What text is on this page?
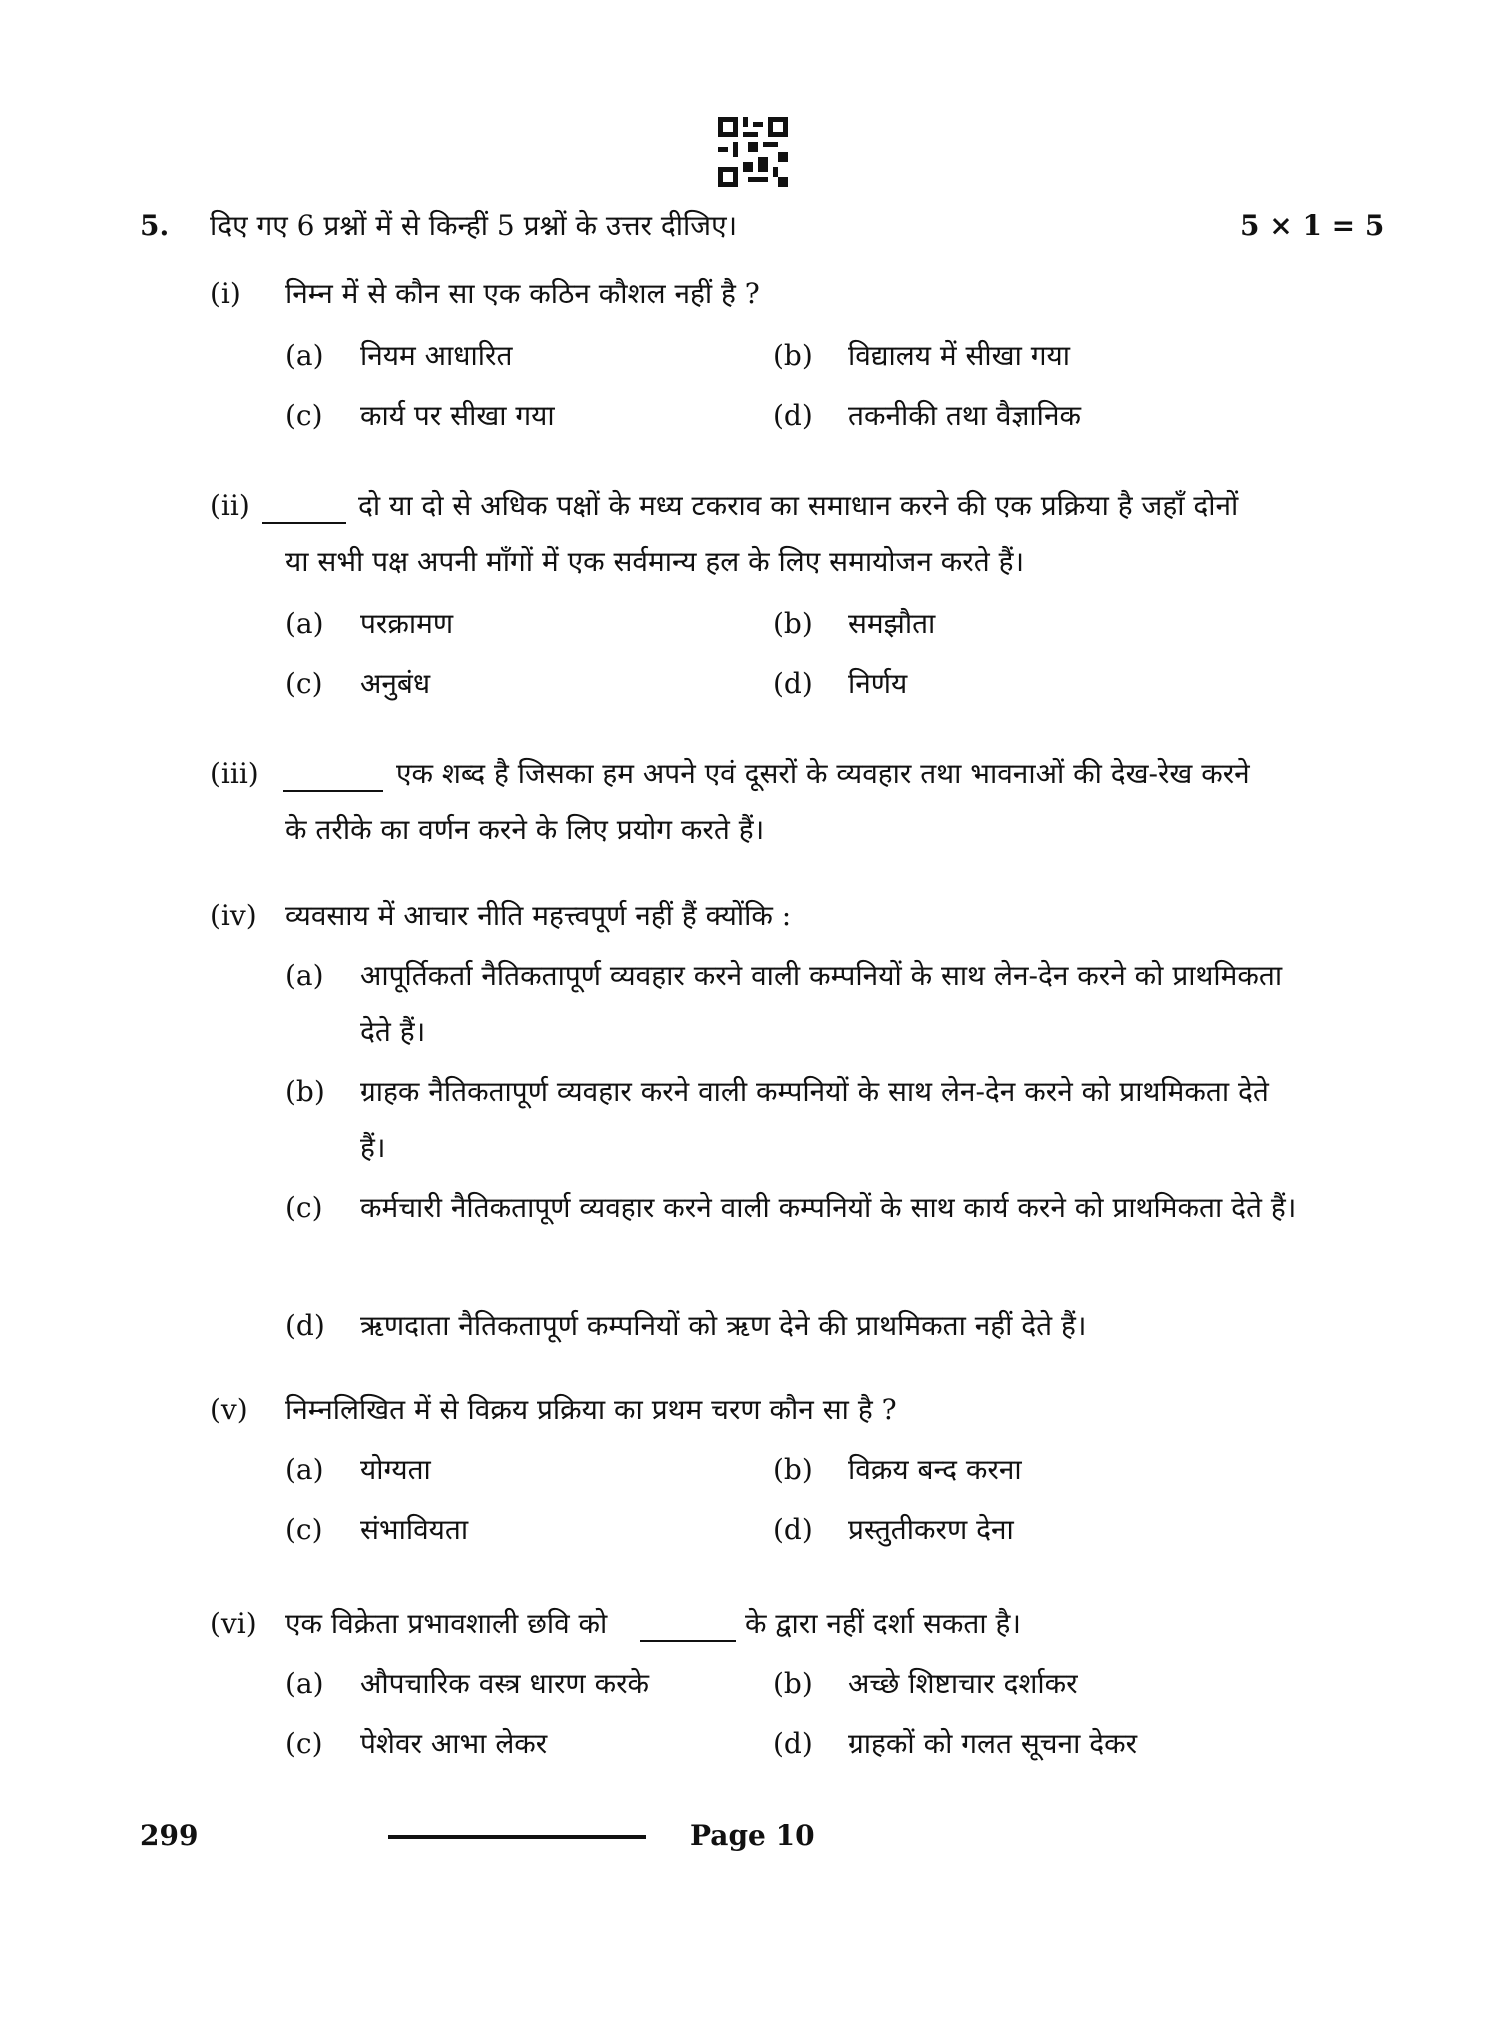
5. दिए गए 6 प्रश्नों में से किन्हीं 5 प्रश्नों के उत्तर दीजिए।	5 × 1 = 5
(i) निम्न में से कौन सा एक कठिन कौशल नहीं है ?
(a) नियम आधारित	(b) विद्यालय में सीखा गया
(c) कार्य पर सीखा गया	(d) तकनीकी तथा वैज्ञानिक
(ii)	दो या दो से अधिक पक्षों के मध्य टकराव का समाधान करने की एक प्रक्रिया है जहाँ दोनों
या सभी पक्ष अपनी माँगों में एक सर्वमान्य हल के लिए समायोजन करते हैं।
(a) परक्रामण	(b) समझौता
(c) अनुबंध	(d) निर्णय
(iii)	एक शब्द है जिसका हम अपने एवं दूसरों के व्यवहार तथा भावनाओं की देख-रेख करने
के तरीके का वर्णन करने के लिए प्रयोग करते हैं।
(iv) व्यवसाय में आचार नीति महत्त्वपूर्ण नहीं हैं क्योंकि :
(a) आपूर्तिकर्ता नैतिकतापूर्ण व्यवहार करने वाली कम्पनियों के साथ लेन-देन करने को प्राथमिकता देते हैं।
(b) ग्राहक नैतिकतापूर्ण व्यवहार करने वाली कम्पनियों के साथ लेन-देन करने को प्राथमिकता देते हैं।
(c) कर्मचारी नैतिकतापूर्ण व्यवहार करने वाली कम्पनियों के साथ कार्य करने को प्राथमिकता देते हैं।
(d) ऋणदाता नैतिकतापूर्ण कम्पनियों को ऋण देने की प्राथमिकता नहीं देते हैं।
(v) निम्नलिखित में से विक्रय प्रक्रिया का प्रथम चरण कौन सा है ?
(a) योग्यता	(b) विक्रय बन्द करना
(c) संभावियता	(d) प्रस्तुतीकरण देना
(vi) एक विक्रेता प्रभावशाली छवि को	के द्वारा नहीं दर्शा सकता है।
(a) औपचारिक वस्त्र धारण करके	(b) अच्छे शिष्टाचार दर्शाकर
(c) पेशेवर आभा लेकर	(d) ग्राहकों को गलत सूचना देकर
299	Page 10
